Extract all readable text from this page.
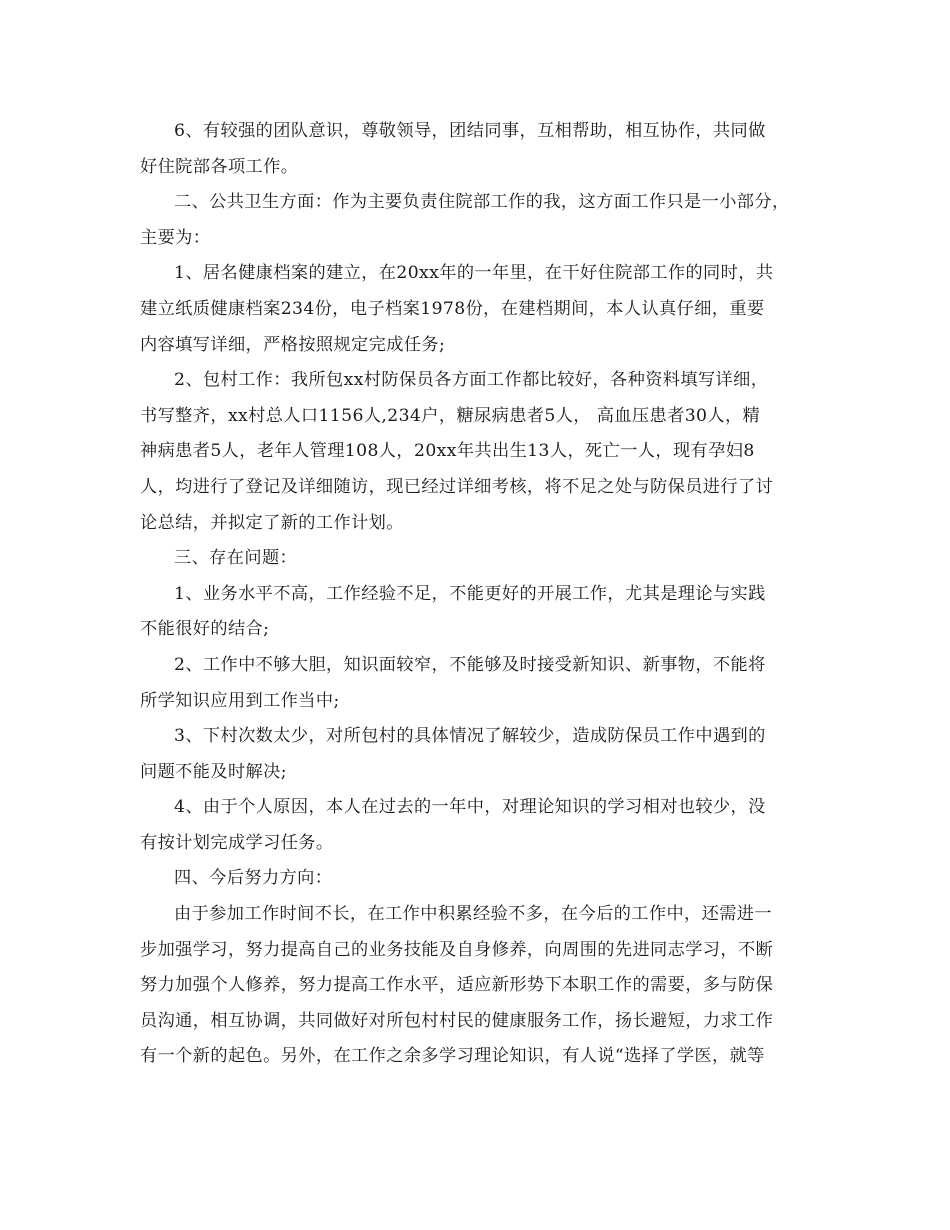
6、有较强的团队意识，尊敬领导，团结同事，互相帮助，相互协作，共同做
好住院部各项工作。
二、公共卫生方面：作为主要负责住院部工作的我，这方面工作只是一小部分，
主要为：
1、居名健康档案的建立，在20xx年的一年里，在干好住院部工作的同时，共
建立纸质健康档案234份，电子档案1978份，在建档期间，本人认真仔细，重要
内容填写详细，严格按照规定完成任务;
2、包村工作：我所包xx村防保员各方面工作都比较好，各种资料填写详细，
书写整齐，xx村总人口1156人,234户，糖尿病患者5人， 高血压患者30人，精
神病患者5人，老年人管理108人，20xx年共出生13人，死亡一人，现有孕妇8
人，均进行了登记及详细随访，现已经过详细考核，将不足之处与防保员进行了讨
论总结，并拟定了新的工作计划。
三、存在问题：
1、业务水平不高，工作经验不足，不能更好的开展工作，尤其是理论与实践
不能很好的结合;
2、工作中不够大胆，知识面较窄，不能够及时接受新知识、新事物，不能将
所学知识应用到工作当中;
3、下村次数太少，对所包村的具体情况了解较少，造成防保员工作中遇到的
问题不能及时解决;
4、由于个人原因，本人在过去的一年中，对理论知识的学习相对也较少，没
有按计划完成学习任务。
四、今后努力方向：
由于参加工作时间不长，在工作中积累经验不多，在今后的工作中，还需进一
步加强学习，努力提高自己的业务技能及自身修养，向周围的先进同志学习，不断
努力加强个人修养，努力提高工作水平，适应新形势下本职工作的需要，多与防保
员沟通，相互协调，共同做好对所包村村民的健康服务工作，扬长避短，力求工作
有一个新的起色。另外，在工作之余多学习理论知识，有人说“选择了学医，就等
